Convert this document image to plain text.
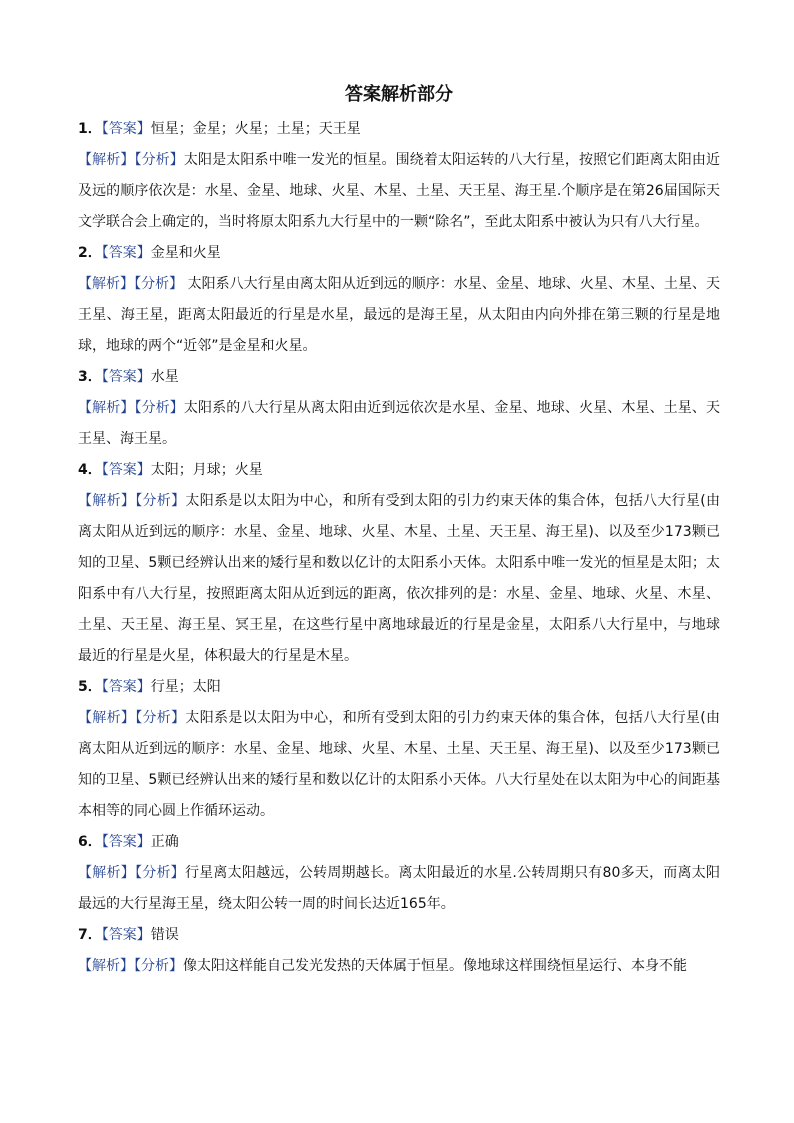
答案解析部分
1．【答案】恒星；金星；火星；土星；天王星
【解析】【分析】太阳是太阳系中唯一发光的恒星。围绕着太阳运转的八大行星，按照它们距离太阳由近及远的顺序依次是：水星、金星、地球、火星、木星、土星、天王星、海王星.个顺序是在第26届国际天文学联合会上确定的，当时将原太阳系九大行星中的一颗“除名”，至此太阳系中被认为只有八大行星。
2．【答案】金星和火星
【解析】【分析】 太阳系八大行星由离太阳从近到远的顺序：水星、金星、地球、火星、木星、土星、天王星、海王星，距离太阳最近的行星是水星，最远的是海王星，从太阳由内向外排在第三颗的行星是地球，地球的两个“近邻”是金星和火星。
3．【答案】水星
【解析】【分析】太阳系的八大行星从离太阳由近到远依次是水星、金星、地球、火星、木星、土星、天王星、海王星。
4．【答案】太阳；月球；火星
【解析】【分析】太阳系是以太阳为中心，和所有受到太阳的引力约束天体的集合体，包括八大行星(由离太阳从近到远的顺序：水星、金星、地球、火星、木星、土星、天王星、海王星)、以及至少173颗已知的卫星、5颗已经辨认出来的矮行星和数以亿计的太阳系小天体。太阳系中唯一发光的恒星是太阳；太阳系中有八大行星，按照距离太阳从近到远的距离，依次排列的是：水星、金星、地球、火星、木星、土星、天王星、海王星、冥王星，在这些行星中离地球最近的行星是金星，太阳系八大行星中，与地球最近的行星是火星，体积最大的行星是木星。
5．【答案】行星；太阳
【解析】【分析】太阳系是以太阳为中心，和所有受到太阳的引力约束天体的集合体，包括八大行星(由离太阳从近到远的顺序：水星、金星、地球、火星、木星、土星、天王星、海王星)、以及至少173颗已知的卫星、5颗已经辨认出来的矮行星和数以亿计的太阳系小天体。八大行星处在以太阳为中心的间距基本相等的同心圆上作循环运动。
6．【答案】正确
【解析】【分析】行星离太阳越远，公转周期越长。离太阳最近的水星.公转周期只有80多天，而离太阳最远的大行星海王星，绕太阳公转一周的时间长达近165年。
7．【答案】错误
【解析】【分析】像太阳这样能自己发光发热的天体属于恒星。像地球这样围绕恒星运行、本身不能
